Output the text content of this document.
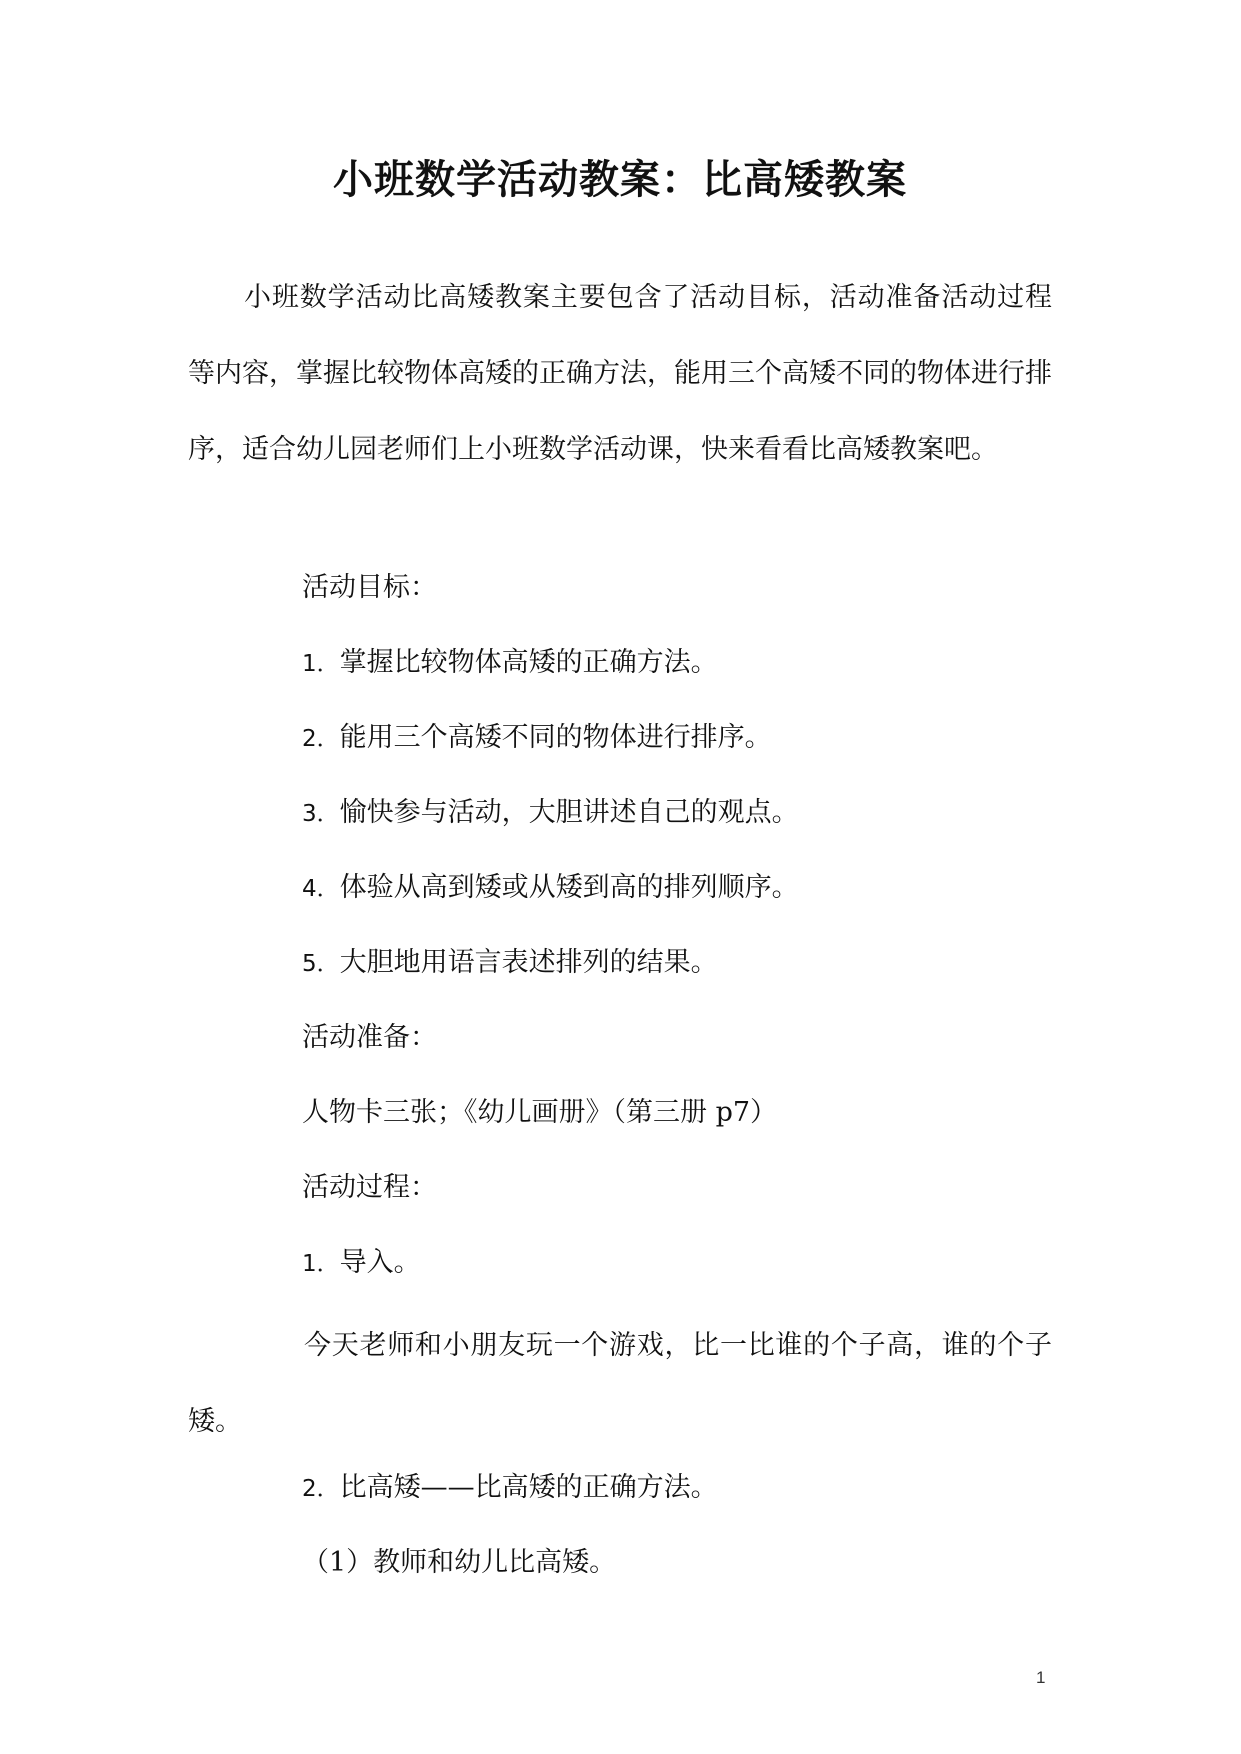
小班数学活动教案：比高矮教案

小班数学活动比高矮教案主要包含了活动目标，活动准备活动过程等内容，掌握比较物体高矮的正确方法，能用三个高矮不同的物体进行排序，适合幼儿园老师们上小班数学活动课，快来看看比高矮教案吧。

活动目标：
1．掌握比较物体高矮的正确方法。
2．能用三个高矮不同的物体进行排序。
3．愉快参与活动，大胆讲述自己的观点。
4．体验从高到矮或从矮到高的排列顺序。
5．大胆地用语言表述排列的结果。
活动准备：
人物卡三张；《幼儿画册》（第三册 p7）
活动过程：
1．导入。

今天老师和小朋友玩一个游戏，比一比谁的个子高，谁的个子矮。

2．比高矮——比高矮的正确方法。
（1）教师和幼儿比高矮。
1
